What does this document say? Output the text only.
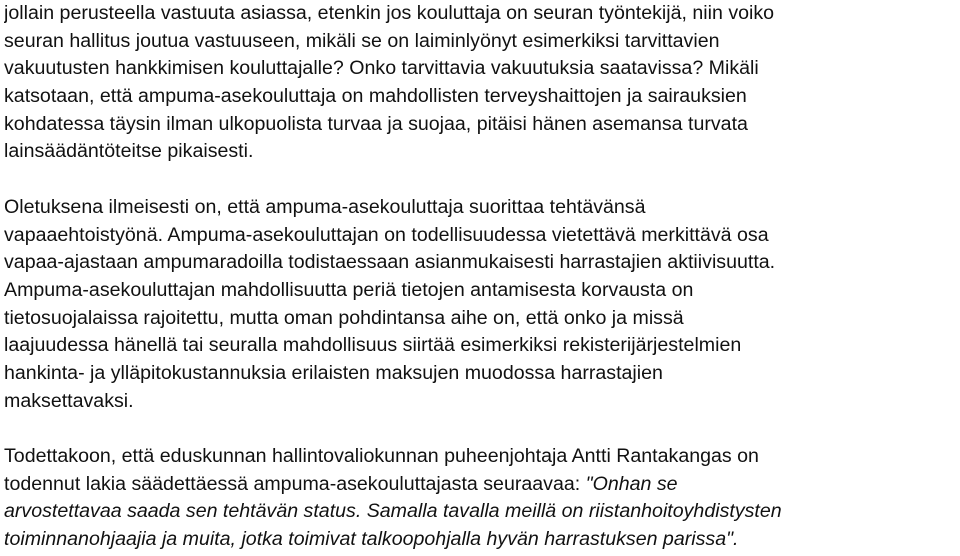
jollain perusteella vastuuta asiassa, etenkin jos kouluttaja on seuran työntekijä, niin voiko
seuran hallitus joutua vastuuseen, mikäli se on laiminlyönyt esimerkiksi tarvittavien
vakuutusten hankkimisen kouluttajalle? Onko tarvittavia vakuutuksia saatavissa? Mikäli
katsotaan, että ampuma-asekouluttaja on mahdollisten terveyshaittojen ja sairauksien
kohdatessa täysin ilman ulkopuolista turvaa ja suojaa, pitäisi hänen asemansa turvata
lainsäädäntöteitse pikaisesti.
Oletuksena ilmeisesti on, että ampuma-asekouluttaja suorittaa tehtävänsä
vapaaehtoistyönä. Ampuma-asekouluttajan on todellisuudessa vietettävä merkittävä osa
vapaa-ajastaan ampumaradoilla todistaessaan asianmukaisesti harrastajien aktiivisuutta.
Ampuma-asekouluttajan mahdollisuutta periä tietojen antamisesta korvausta on
tietosuojalaissa rajoitettu, mutta oman pohdintansa aihe on, että onko ja missä
laajuudessa hänellä tai seuralla mahdollisuus siirtää esimerkiksi rekisterijärjestelmien
hankinta- ja ylläpitokustannuksia erilaisten maksujen muodossa harrastajien
maksettavaksi.
Todettakoon, että eduskunnan hallintovaliokunnan puheenjohtaja Antti Rantakangas on
todennut lakia säädettäessä ampuma-asekouluttajasta seuraavaa: "Onhan se
arvostettavaa saada sen tehtävän status. Samalla tavalla meillä on riistanhoitoyhdistysten
toiminnanohjaajia ja muita, jotka toimivat talkoopohjalla hyvän harrastuksen parissa".
